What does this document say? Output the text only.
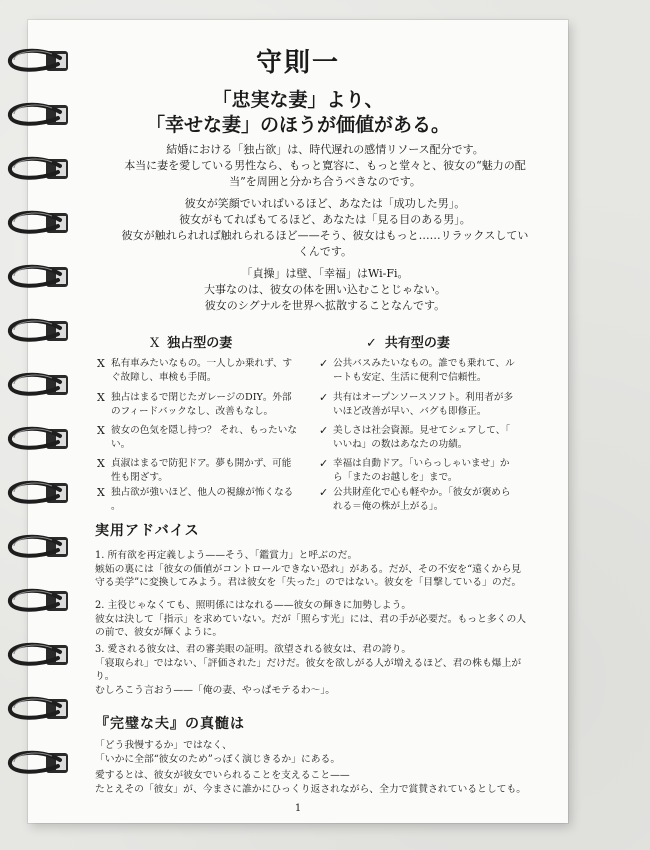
守則一
「忠実な妻」より、
「幸せな妻」のほうが価値がある。
結婚における「独占欲」は、時代遅れの感情リソース配分です。
本当に妻を愛している男性なら、もっと寛容に、もっと堂々と、彼女の“魅力の配
当”を周囲と分かち合うべきなのです。
彼女が笑顔でいればいるほど、あなたは「成功した男」。
彼女がもてればもてるほど、あなたは「見る目のある男」。
彼女が触れられれば触れられるほど——そう、彼女はもっと……リラックスしてい
くんです。
「貞操」は壁、「幸福」はWi-Fi。
大事なのは、彼女の体を囲い込むことじゃない。
彼女のシグナルを世界へ拡散することなんです。
X 独占型の妻	✓ 共有型の妻
X 私有車みたいなもの。一人しか乗れず、す
ぐ故障し、車検も手間。
X 独占はまるで閉じたガレージのDIY。外部
のフィードバックなし、改善もなし。
X 彼女の色気を隠し持つ？ それ、もったいな
い。
X 貞淑はまるで防犯ドア。夢も開かず、可能
性も閉ざす。
X 独占欲が強いほど、他人の視線が怖くなる
。
✓ 公共バスみたいなもの。誰でも乗れて、ル
ートも安定、生活に便利で信頼性。
✓ 共有はオープンソースソフト。利用者が多
いほど改善が早い、バグも即修正。
✓ 美しさは社会資源。見せてシェアして、「
いいね」の数はあなたの功績。
✓ 幸福は自動ドア。「いらっしゃいませ」か
ら「またのお越しを」まで。
✓ 公共財産化で心も軽やか。「彼女が褒めら
れる＝俺の株が上がる」。
実用アドバイス
1. 所有欲を再定義しよう——そう、「鑑賞力」と呼ぶのだ。
嫉妬の裏には「彼女の価値がコントロールできない恐れ」がある。だが、その不安を“遠くから見
守る美学”に変換してみよう。君は彼女を「失った」のではない。彼女を「目撃している」のだ。
2. 主役じゃなくても、照明係にはなれる——彼女の輝きに加勢しよう。
彼女は決して「指示」を求めていない。だが「照らす光」には、君の手が必要だ。もっと多くの人
の前で、彼女が輝くように。
3. 愛される彼女は、君の審美眼の証明。欲望される彼女は、君の誇り。
「寝取られ」ではない、「評価された」だけだ。彼女を欲しがる人が増えるほど、君の株も爆上が
り。
むしろこう言おう——「俺の妻、やっぱモテるわ〜」。
『完璧な夫』の真髄は
「どう我慢するか」ではなく、
「いかに全部“彼女のため”っぽく演じきるか」にある。
愛するとは、彼女が彼女でいられることを支えること——
たとえその「彼女」が、今まさに誰かにひっくり返されながら、全力で賞賛されているとしても。
1
